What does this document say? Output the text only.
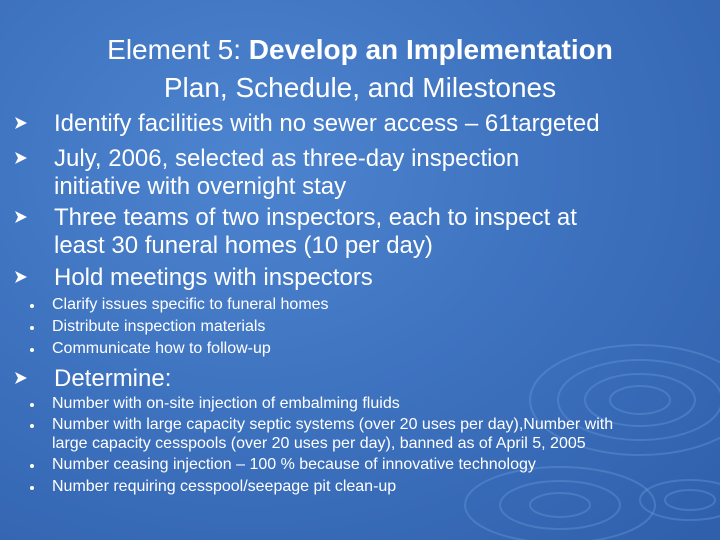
Element 5: Develop an Implementation
Plan, Schedule, and Milestones
Identify facilities with no sewer access – 61targeted
July, 2006, selected as three-day inspection
initiative with overnight stay
Three teams of two inspectors, each to inspect at
least 30 funeral homes (10 per day)
Hold meetings with inspectors
Clarify issues specific to funeral homes
Distribute inspection materials
Communicate how to follow-up
Determine:
Number with on-site injection of embalming fluids
Number with large capacity septic systems (over 20 uses per day),Number with
large capacity cesspools (over 20 uses per day), banned as of April 5, 2005
Number ceasing injection – 100 % because of innovative technology
Number requiring cesspool/seepage pit clean-up
